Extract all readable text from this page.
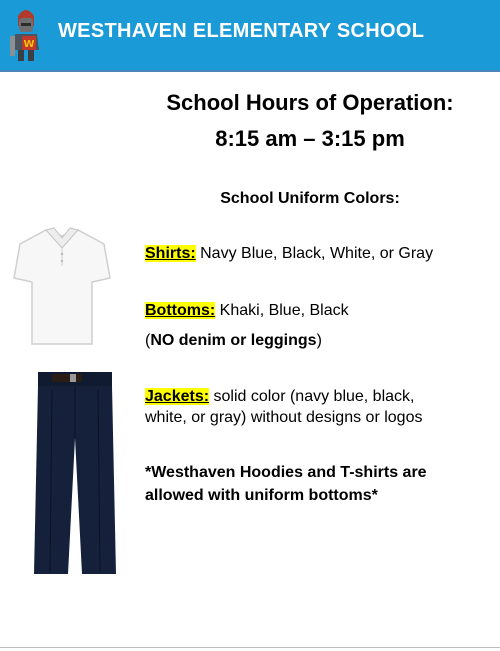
W
WESTHAVEN ELEMENTARY SCHOOL
School Hours of Operation:
8:15 am – 3:15 pm
School Uniform Colors:
Shirts: Navy Blue, Black, White, or Gray
Bottoms: Khaki, Blue, Black
(NO denim or leggings)
Jackets: solid color (navy blue, black,
white, or gray) without designs or logos
*Westhaven Hoodies and T-shirts are
allowed with uniform bottoms*
